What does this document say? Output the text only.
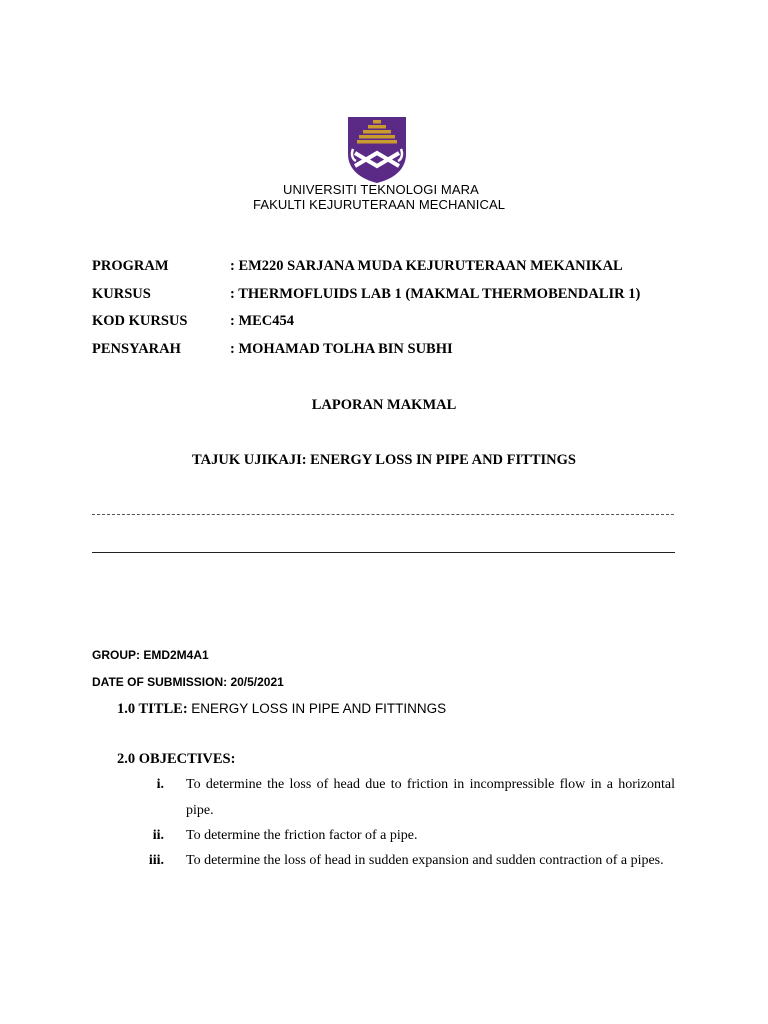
UNIVERSITI TEKNOLOGI MARA
FAKULTI KEJURUTERAAN MECHANICAL
PROGRAM	: EM220 SARJANA MUDA KEJURUTERAAN MEKANIKAL
KURSUS	: THERMOFLUIDS LAB 1 (MAKMAL THERMOBENDALIR 1)
KOD KURSUS	: MEC454
PENSYARAH	: MOHAMAD TOLHA BIN SUBHI
LAPORAN MAKMAL
TAJUK UJIKAJI: ENERGY LOSS IN PIPE AND FITTINGS
GROUP: EMD2M4A1
DATE OF SUBMISSION: 20/5/2021
1.0 TITLE: ENERGY LOSS IN PIPE AND FITTINNGS
2.0 OBJECTIVES:
i. To determine the loss of head due to friction in incompressible flow in a horizontal pipe.
ii. To determine the friction factor of a pipe.
iii. To determine the loss of head in sudden expansion and sudden contraction of a pipes.
